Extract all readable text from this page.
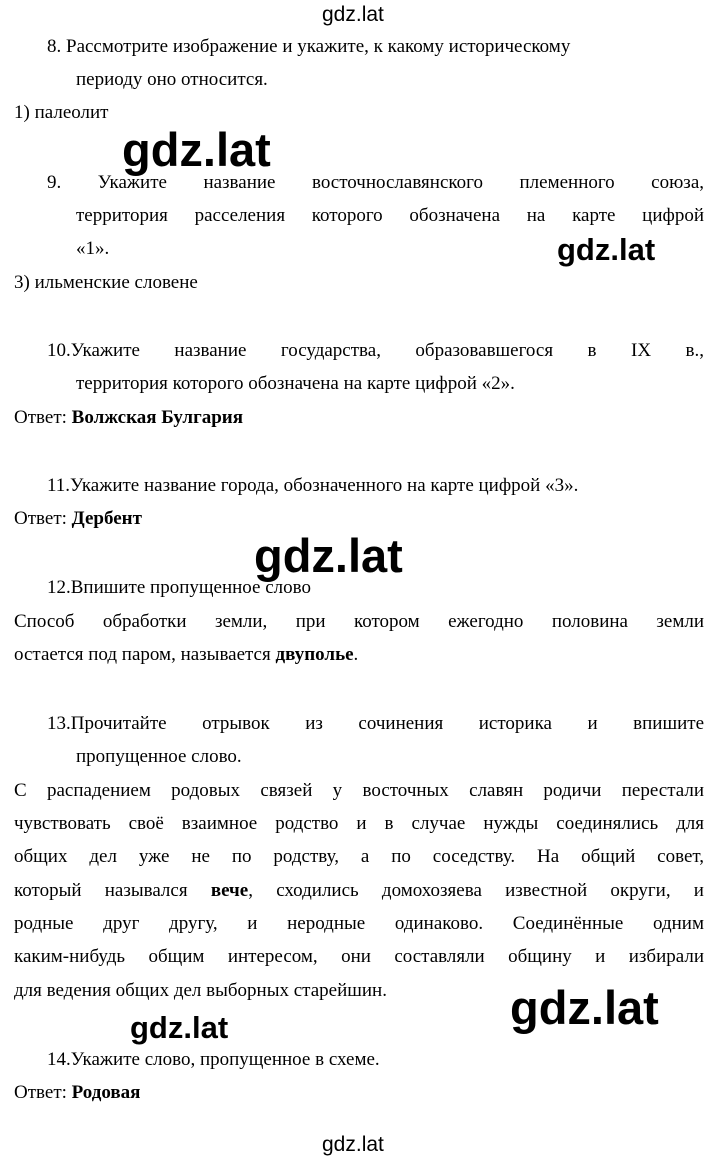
gdz.lat
8. Рассмотрите изображение и укажите, к какому историческому
периоду оно относится.
1) палеолит
gdz.lat
9. Укажите название восточнославянского племенного союза,
территория расселения которого обозначена на карте цифрой
«1».	gdz.lat
3) ильменские словене
10.Укажите название государства, образовавшегося в IX в.,
территория которого обозначена на карте цифрой «2».
Ответ: Волжская Булгария
11.Укажите название города, обозначенного на карте цифрой «3».
Ответ: Дербент
gdz.lat
12.Впишите пропущенное слово
Способ обработки земли, при котором ежегодно половина земли
остается под паром, называется двуполье.
13.Прочитайте отрывок из сочинения историка и впишите
пропущенное слово.
С распадением родовых связей у восточных славян родичи перестали
чувствовать своё взаимное родство и в случае нужды соединялись для
общих дел уже не по родству, а по соседству. На общий совет,
который назывался вече, сходились домохозяева известной округи, и
родные друг другу, и неродные одинаково. Соединённые одним
каким-нибудь общим интересом, они составляли общину и избирали
для ведения общих дел выборных старейшин.	gdz.lat
gdz.lat
14.Укажите слово, пропущенное в схеме.
Ответ: Родовая
gdz.lat
